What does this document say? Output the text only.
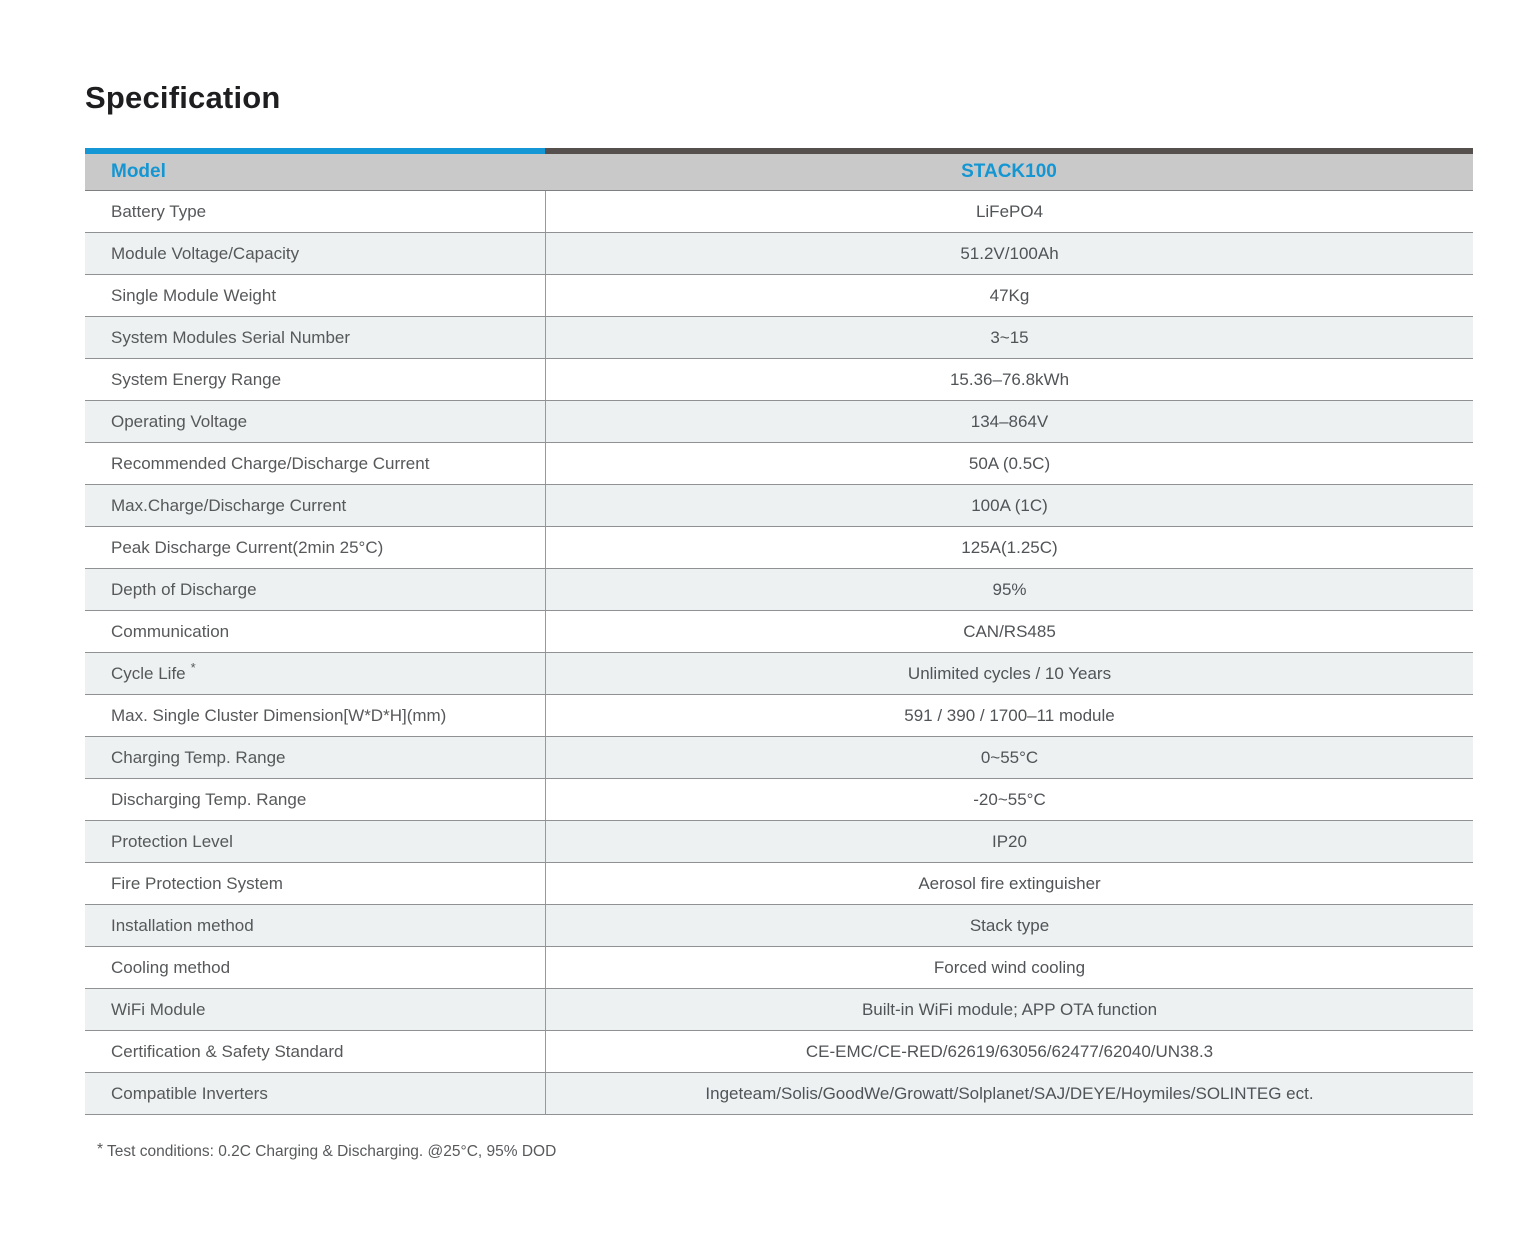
Specification
Model	STACK100
Battery Type	LiFePO4
Module Voltage/Capacity	51.2V/100Ah
Single Module Weight	47Kg
System Modules Serial Number	3~15
System Energy Range	15.36–76.8kWh
Operating Voltage	134–864V
Recommended Charge/Discharge Current	50A (0.5C)
Max.Charge/Discharge Current	100A (1C)
Peak Discharge Current(2min 25°C)	125A(1.25C)
Depth of Discharge	95%
Communication	CAN/RS485
Cycle Life *	Unlimited cycles / 10 Years
Max. Single Cluster Dimension[W*D*H](mm)	591 / 390 / 1700–11 module
Charging Temp. Range	0~55°C
Discharging Temp. Range	-20~55°C
Protection Level	IP20
Fire Protection System	Aerosol fire extinguisher
Installation method	Stack type
Cooling method	Forced wind cooling
WiFi Module	Built-in WiFi module; APP OTA function
Certification & Safety Standard	CE-EMC/CE-RED/62619/63056/62477/62040/UN38.3
Compatible Inverters	Ingeteam/Solis/GoodWe/Growatt/Solplanet/SAJ/DEYE/Hoymiles/SOLINTEG ect.
* Test conditions: 0.2C Charging & Discharging. @25°C, 95% DOD
